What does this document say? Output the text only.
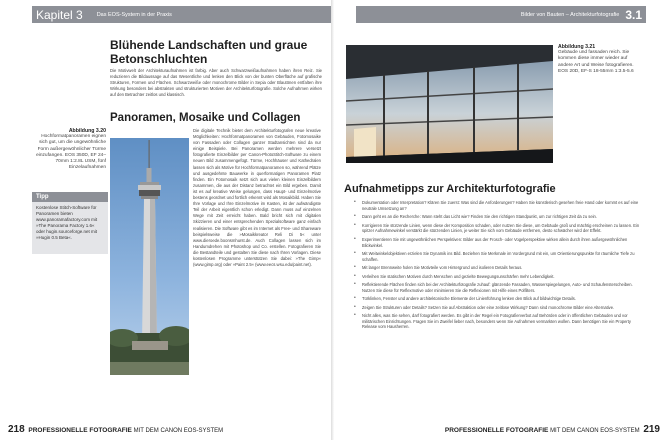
Kapitel 3	Das EOS-System in der Praxis
Blühende Landschaften und graue Betonschluchten

Die Motivwelt der Architekturaufnahmen ist farbig. Aber auch Schwarzweißaufnahmen haben ihren Reiz. Sie reduzieren die Bildaussage auf das Wesentliche und lenken den Blick von der bunten Oberfläche auf grafische Strukturen, Formen und Flächen. Schwarzweiße oder monochrome Bilder in Sepia oder Blautönen entfalten ihre Wirkung besonders bei abstrakten und strukturierten Motiven der Architekturfotografie. Solche Aufnahmen wirken auf den Betrachter zeitlos und klassisch.

Panoramen, Mosaike und Collagen
Abbildung 3.20
Hochformatpanoramen eignen sich gut, um die ungewöhnliche Form außergewöhnlicher Türme einzufangen. EOS 350D, EF 24–70mm 1:2.8L USM, fünf Einzelaufnahmen
Tipp
Kostenlose Stitch-Software für Panoramen bieten www.panoramafactory.com mit »The Panorama Factory 1.6« oder hugin.sourceforge.net mit »Hugin 0.5 Beta«.

Die digitale Technik bietet dem Architekturfotografen neue kreative Möglichkeiten: Hochformatpanoramen von Gebäuden, Fotomosaike von Fassaden oder Collagen ganzer Stadtansichten sind da nur einige Beispiele. Bei Panoramen werden mehrere versetzt fotografierte Einzelbilder per Canon-PhotoStitch-Software zu einem neuen Bild zusammengefügt. Türme, Hochhäuser und Kathedralen lassen sich als Motive für Hochformatpanoramen so, während Plätze und ausgedehnte Bauwerke in querformatigen Panoramen Platz finden. Ein Fotomosaik setzt sich aus vielen kleinen Einzelbildern zusammen, die aus der Distanz betrachtet ein Bild ergeben. Damit ist es auf kreative Weise gelungen, dass Haupt- und Einzelmotive bestens geordnet und fortlich erkennt wird als Mosaikbild. Haben Sie Ihre Vorlage und Ihre Einzelmotive im Kasten, ist der aufwändigste Teil der Arbeit eigentlich schon erledigt. Dann muss auf einzelnen Wege mit Zeit erreicht haben. Bald bricht sich mit digitalen Skizzieren und einer entsprechenden Spezialsoftware ganz einfach realisieren. Die Software gibt es im Internet als Free- und Shareware beispielsweise die »Mosaikkreator Reli Di 5« unter www.dieroede.boonsmhurst.de. Auch Collagen lassen sich im Handumdrehen mit Photoshop und Co. erstellen. Fotografieren Sie die Bestandteile und gestalten Sie diese nach Ihren Vorlagen. Diese kostenlosen Programme unterstützen Sie dabei: »The Gimp« (www.gimp.org) oder »Paint 2.5« (www.eecs.wsu.edu/paint.net).

218 PROFESSIONELLE FOTOGRAFIE MIT DEM CANON EOS-SYSTEM
Bilder von Bauten – Architekturfotografie 3.1
Abbildung 3.21
Gebäude und fassaden reich. Sie kommen diese immer wieder auf andere Art und Weise fotografieren. EOS 20D, EF-S 18-55mm 1:3.5-5.6
Aufnahmetipps zur Architekturfotografie
• Dokumentation oder Interpretation? Klären Sie zuerst: Was sind die Anforderungen? Haben Sie künstlerisch gesehen freie Hand oder kommt es auf eine neutrale Umsetzung an?
• Dann geht es an die Recherche: Wann steht das Licht wie? Finden Sie den richtigen Standpunkt, um zur richtigen Zeit da zu sein.
• Korrigieren Sie stürzende Linien, wenn diese der Komposition schaden, oder nutzen Sie diese, um Gebäude groß und mächtig erscheinen zu lassen. Ein spitzer Aufnahmewinkel verstärkt die stürzenden Linien, je weiter Sie sich vom Gebäude entfernen, desto schwächer wird der Effekt.
• Experimentieren Sie mit ungewöhnlichen Perspektiven: Bilder aus der Frosch- oder Vogelperspektive wirken allein durch ihren außergewöhnlichen Blickwinkel.
• Mit Weitwinkelobjektiven erzielen Sie Dynamik ins Bild. Beziehen Sie Merkmale im Vordergrund mit ein, um Orientierungspunkte für räumliche Tiefe zu schaffen.
• Mit langer Brennweite holen Sie Motivteile vom Hintergrund und isolieren Details heraus.
• Verleihen Sie statischen Motiven durch Menschen und gezielte Bewegungsunschärfen mehr Lebendigkeit.
• Reflektierende Flächen finden sich bei der Architekturfotografie zuhauf: glänzende Fassaden, Wasserspiegelungen, Auto- und Schaufensterscheiben. Nutzen Sie diese für Reflexmotive oder minimieren Sie die Reflexionen mit Hilfe eines Polfilters.
• Türklinken, Fenster und andere architektonische Elemente der Linienführung lenken den Blick auf bildwichtige Details.
• Zeigen Sie Strukturen oder Details? Setzen Sie auf Abstraktion oder eine zeitlose Wirkung? Dann sind monochrome Bilder eine Alternative.
• Nicht alles, was Sie sehen, darf fotografiert werden. Es gibt in der Regel ein Fotografierverbot auf Behörden oder in öffentlichen Gebäuden und vor militärischen Einrichtungen. Fragen Sie im Zweifel lieber nach, besonders wenn Sie Aufnahmen vermarkten wollen. Dann benötigen Sie ein Property Release vom Hausherren.
PROFESSIONELLE FOTOGRAFIE MIT DEM CANON EOS-SYSTEM 219
